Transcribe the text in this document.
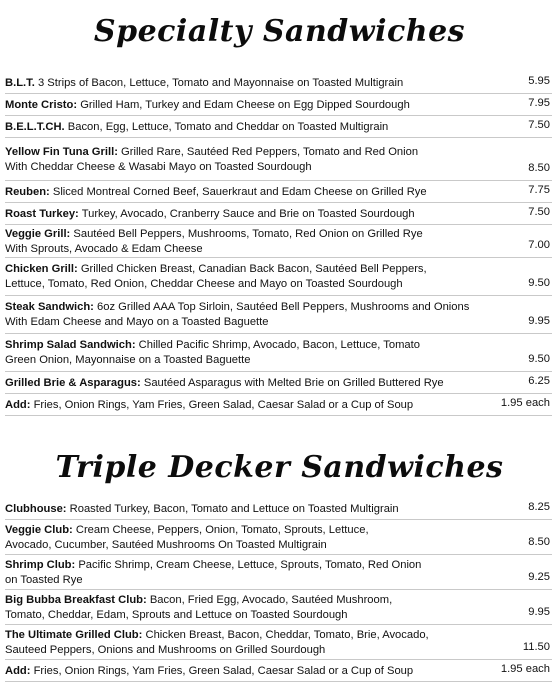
Specialty Sandwiches
B.L.T. 3 Strips of Bacon, Lettuce, Tomato and Mayonnaise on Toasted Multigrain	5.95
Monte Cristo: Grilled Ham, Turkey and Edam Cheese on Egg Dipped Sourdough	7.95
B.E.L.T.CH. Bacon, Egg, Lettuce, Tomato and Cheddar on Toasted Multigrain	7.50
Yellow Fin Tuna Grill: Grilled Rare, Sautéed Red Peppers, Tomato and Red Onion
With Cheddar Cheese & Wasabi Mayo on Toasted Sourdough	8.50
Reuben: Sliced Montreal Corned Beef, Sauerkraut and Edam Cheese on Grilled Rye	7.75
Roast Turkey: Turkey, Avocado, Cranberry Sauce and Brie on Toasted Sourdough	7.50
Veggie Grill: Sautéed Bell Peppers, Mushrooms, Tomato, Red Onion on Grilled Rye
With Sprouts, Avocado & Edam Cheese	7.00
Chicken Grill: Grilled Chicken Breast, Canadian Back Bacon, Sautéed Bell Peppers,
Lettuce, Tomato, Red Onion, Cheddar Cheese and Mayo on Toasted Sourdough	9.50
Steak Sandwich: 6oz Grilled AAA Top Sirloin, Sautéed Bell Peppers, Mushrooms and Onions
With Edam Cheese and Mayo on a Toasted Baguette	9.95
Shrimp Salad Sandwich: Chilled Pacific Shrimp, Avocado, Bacon, Lettuce, Tomato
Green Onion, Mayonnaise on a Toasted Baguette	9.50
Grilled Brie & Asparagus: Sautéed Asparagus with Melted Brie on Grilled Buttered Rye	6.25
Add: Fries, Onion Rings, Yam Fries, Green Salad, Caesar Salad or a Cup of Soup	1.95 each
Triple Decker Sandwiches
Clubhouse: Roasted Turkey, Bacon, Tomato and Lettuce on Toasted Multigrain	8.25
Veggie Club: Cream Cheese, Peppers, Onion, Tomato, Sprouts, Lettuce,
Avocado, Cucumber, Sautéed Mushrooms On Toasted Multigrain	8.50
Shrimp Club: Pacific Shrimp, Cream Cheese, Lettuce, Sprouts, Tomato, Red Onion
on Toasted Rye	9.25
Big Bubba Breakfast Club: Bacon, Fried Egg, Avocado, Sautéed Mushroom,
Tomato, Cheddar, Edam, Sprouts and Lettuce on Toasted Sourdough	9.95
The Ultimate Grilled Club: Chicken Breast, Bacon, Cheddar, Tomato, Brie, Avocado,
Sauteed Peppers, Onions and Mushrooms on Grilled Sourdough	11.50
Add: Fries, Onion Rings, Yam Fries, Green Salad, Caesar Salad or a Cup of Soup	1.95 each
